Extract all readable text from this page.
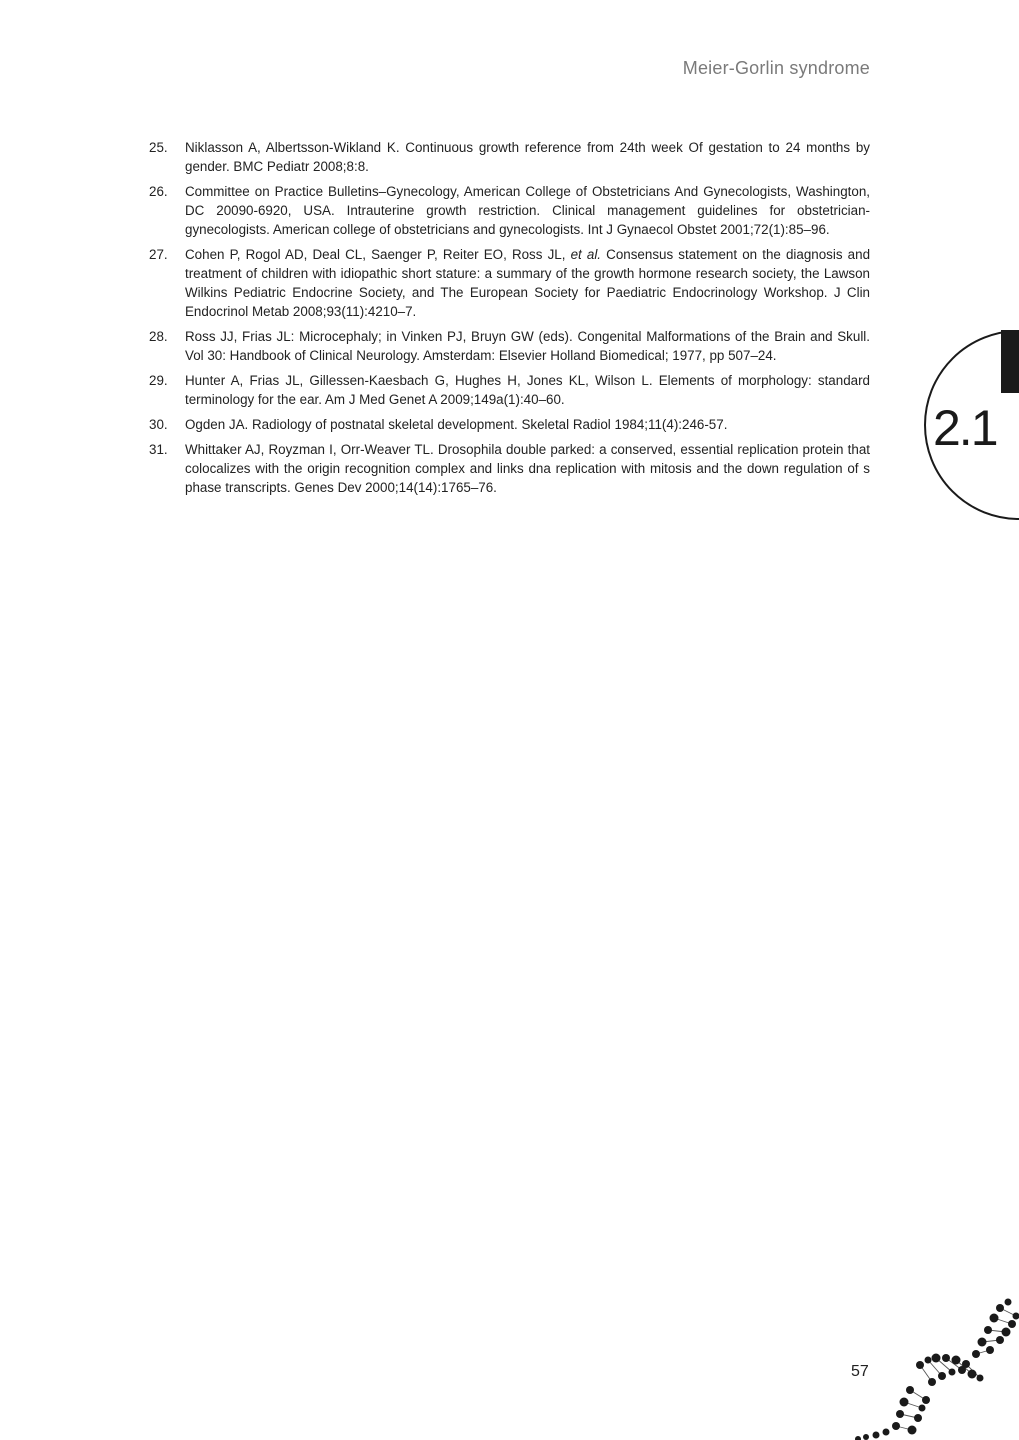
Meier-Gorlin syndrome
25.	Niklasson A, Albertsson-Wikland K. Continuous growth reference from 24th week Of gestation to 24 months by gender. BMC Pediatr 2008;8:8.
26.	Committee on Practice Bulletins–Gynecology, American College of Obstetricians And Gynecologists, Washington, DC 20090-6920, USA. Intrauterine growth restriction. Clinical management guidelines for obstetrician-gynecologists. American college of obstetricians and gynecologists. Int J Gynaecol Obstet 2001;72(1):85–96.
27.	Cohen P, Rogol AD, Deal CL, Saenger P, Reiter EO, Ross JL, et al. Consensus statement on the diagnosis and treatment of children with idiopathic short stature: a summary of the growth hormone research society, the Lawson Wilkins Pediatric Endocrine Society, and The European Society for Paediatric Endocrinology Workshop. J Clin Endocrinol Metab 2008;93(11):4210–7.
28.	Ross JJ, Frias JL: Microcephaly; in Vinken PJ, Bruyn GW (eds). Congenital Malformations of the Brain and Skull. Vol 30: Handbook of Clinical Neurology. Amsterdam: Elsevier Holland Biomedical; 1977, pp 507–24.
29.	Hunter A, Frias JL, Gillessen-Kaesbach G, Hughes H, Jones KL, Wilson L. Elements of morphology: standard terminology for the ear. Am J Med Genet A 2009;149a(1):40–60.
30.	Ogden JA. Radiology of postnatal skeletal development. Skeletal Radiol 1984;11(4):246-57.
31.	Whittaker AJ, Royzman I, Orr-Weaver TL. Drosophila double parked: a conserved, essential replication protein that colocalizes with the origin recognition complex and links dna replication with mitosis and the down regulation of s phase transcripts. Genes Dev 2000;14(14):1765–76.
2.1
57
